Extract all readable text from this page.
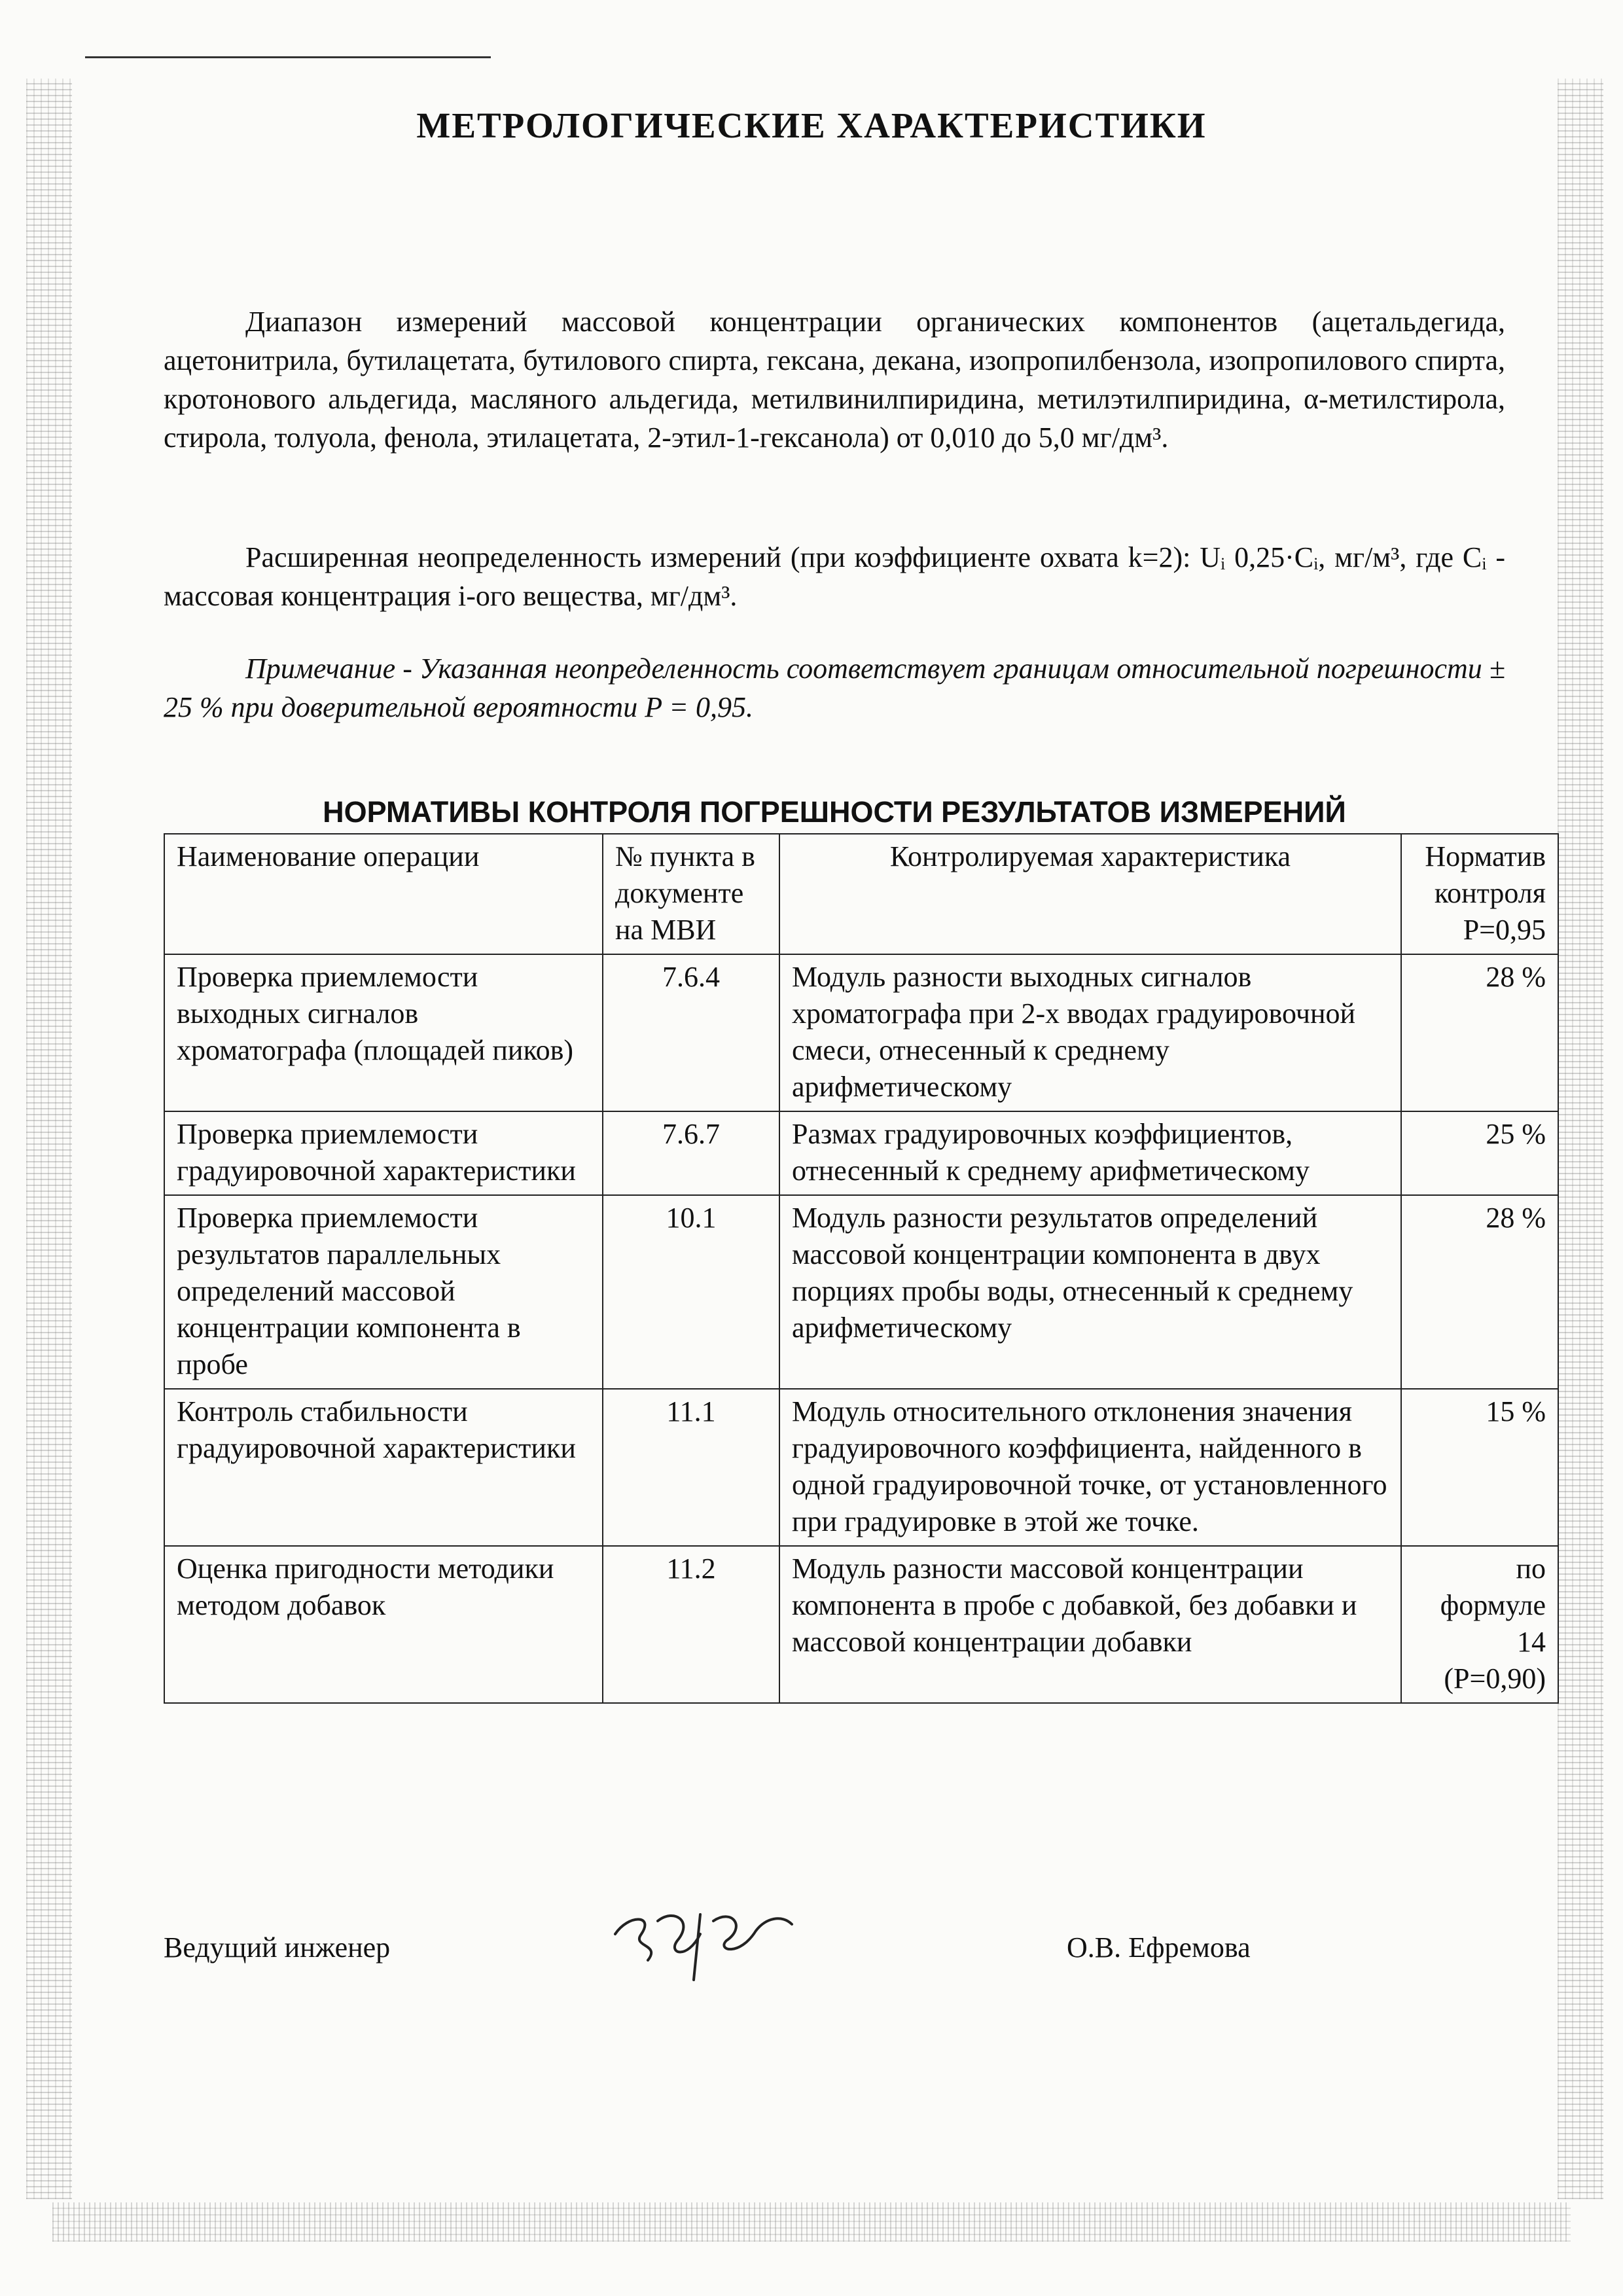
МЕТРОЛОГИЧЕСКИЕ ХАРАКТЕРИСТИКИ

Диапазон измерений массовой концентрации органических компонентов (ацетальдегида, ацетонитрила, бутилацетата, бутилового спирта, гексана, декана, изопропилбензола, изопропилового спирта, кротонового альдегида, масляного альдегида, метилвинилпиридина, метилэтилпиридина, α-метилстирола, стирола, толуола, фенола, этилацетата, 2-этил-1-гексанола) от 0,010 до 5,0 мг/дм³.

Расширенная неопределенность измерений (при коэффициенте охвата k=2): Uᵢ 0,25·Cᵢ, мг/м³, где Cᵢ - массовая концентрация i-ого вещества, мг/дм³.

Примечание - Указанная неопределенность соответствует границам относительной погрешности ± 25 % при доверительной вероятности P = 0,95.

НОРМАТИВЫ КОНТРОЛЯ ПОГРЕШНОСТИ РЕЗУЛЬТАТОВ ИЗМЕРЕНИЙ
Наименование операции	№ пункта в документе на МВИ	Контролируемая характеристика	Норматив контроля P=0,95
Проверка приемлемости выходных сигналов хроматографа (площадей пиков)	7.6.4	Модуль разности выходных сигналов хроматографа при 2-х вводах градуировочной смеси, отнесенный к среднему арифметическому	28 %
Проверка приемлемости градуировочной характеристики	7.6.7	Размах градуировочных коэффициентов, отнесенный к среднему арифметическому	25 %
Проверка приемлемости результатов параллельных определений массовой концентрации компонента в пробе	10.1	Модуль разности результатов определений массовой концентрации компонента в двух порциях пробы воды, отнесенный к среднему арифметическому	28 %
Контроль стабильности градуировочной характеристики	11.1	Модуль относительного отклонения значения градуировочного коэффициента, найденного в одной градуировочной точке, от установленного при градуировке в этой же точке.	15 %
Оценка пригодности методики методом добавок	11.2	Модуль разности массовой концентрации компонента в пробе с добавкой, без добавки и массовой концентрации добавки	по формуле 14 (P=0,90)

Ведущий инженер	О.В. Ефремова
